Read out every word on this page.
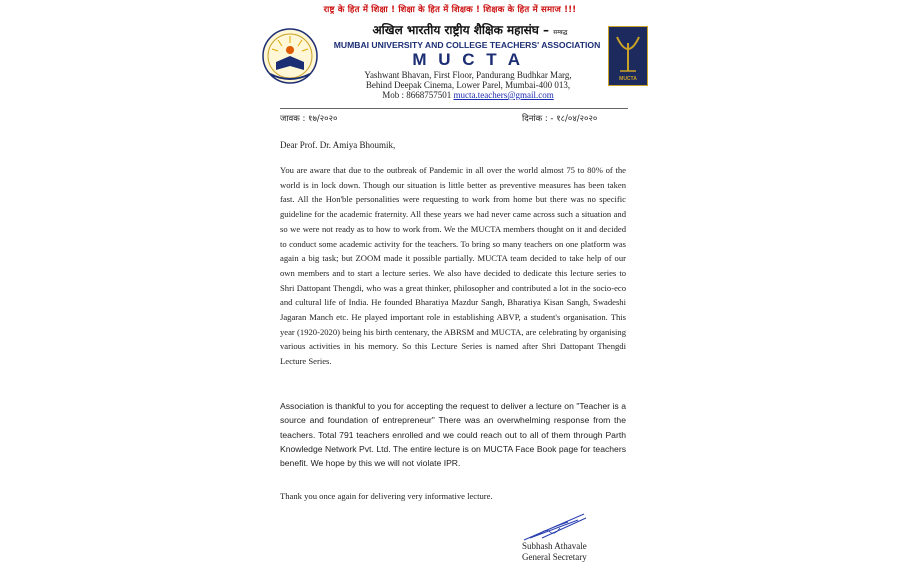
राष्ट्र के हित में शिक्षा ! शिक्षा के हित में शिक्षक ! शिक्षक के हित में समाज !!!
अखिल भारतीय राष्ट्रीय शैक्षिक महासंघ – सम्बद्ध
MUMBAI UNIVERSITY AND COLLEGE TEACHERS' ASSOCIATION
M U C T A
Yashwant Bhavan, First Floor, Pandurang Budhkar Marg,
Behind Deepak Cinema, Lower Parel, Mumbai-400 013,
Mob : 8668757501 mucta.teachers@gmail.com
MUCTA
जावक : १७/२०२०	दिनांक : - १८/०४/२०२०
Dear Prof. Dr. Amiya Bhoumik,

You are aware that due to the outbreak of Pandemic in all over the world almost 75 to 80% of the world is in lock down. Though our situation is little better as preventive measures has been taken fast. All the Hon'ble personalities were requesting to work from home but there was no specific guideline for the academic fraternity. All these years we had never came across such a situation and so we were not ready as to how to work from. We the MUCTA members thought on it and decided to conduct some academic activity for the teachers. To bring so many teachers on one platform was again a big task; but ZOOM made it possible partially. MUCTA team decided to take help of our own members and to start a lecture series. We also have decided to dedicate this lecture series to Shri Dattopant Thengdi, who was a great thinker, philosopher and contributed a lot in the socio-eco and cultural life of India. He founded Bharatiya Mazdur Sangh, Bharatiya Kisan Sangh, Swadeshi Jagaran Manch etc. He played important role in establishing ABVP, a student's organisation. This year (1920-2020) being his birth centenary, the ABRSM and MUCTA, are celebrating by organising various activities in his memory. So this Lecture Series is named after Shri Dattopant Thengdi Lecture Series.

Association is thankful to you for accepting the request to deliver a lecture on "Teacher is a source and foundation of entrepreneur" There was an overwhelming response from the teachers. Total 791 teachers enrolled and we could reach out to all of them through Parth Knowledge Network Pvt. Ltd. The entire lecture is on MUCTA Face Book page for teachers benefit. We hope by this we will not violate IPR.

Thank you once again for delivering very informative lecture.

Subhash Athavale
General Secretary
